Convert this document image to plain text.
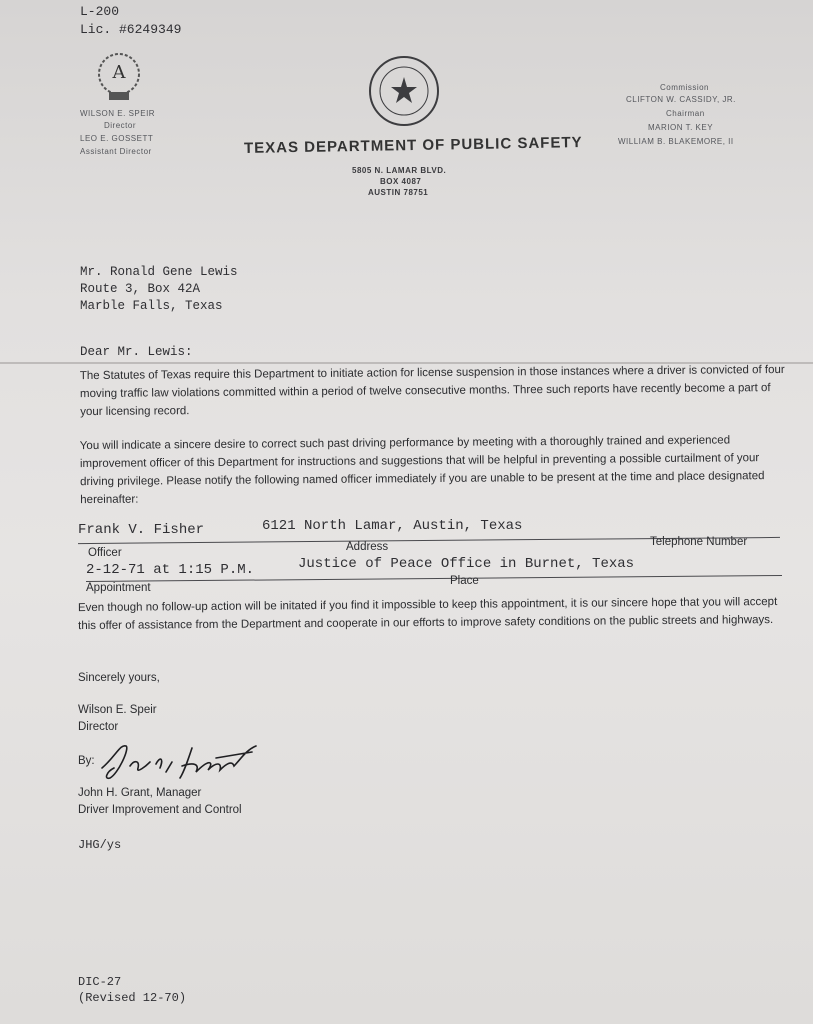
L-200
Lic. #6249349
A
WILSON E. SPEIR
Director
LEO E. GOSSETT
Assistant Director	TEXAS DEPARTMENT OF PUBLIC SAFETY
5805 N. LAMAR BLVD.
BOX 4087
AUSTIN 78751
Commission
CLIFTON W. CASSIDY, JR.
Chairman
MARION T. KEY
WILLIAM B. BLAKEMORE, II
Mr. Ronald Gene Lewis
Route 3, Box 42A
Marble Falls, Texas
Dear Mr. Lewis:
The Statutes of Texas require this Department to initiate action for license suspension in those instances where a driver is convicted of four moving traffic law violations committed within a period of twelve consecutive months. Three such reports have recently become a part of your licensing record.
You will indicate a sincere desire to correct such past driving performance by meeting with a thoroughly trained and experienced improvement officer of this Department for instructions and suggestions that will be helpful in preventing a possible curtailment of your driving privilege. Please notify the following named officer immediately if you are unable to be present at the time and place designated hereinafter:
Frank V. Fisher	6121 North Lamar, Austin, Texas
Officer	Address	Telephone Number
2-12-71 at 1:15 P.M.	Justice of Peace Office in Burnet, Texas
Appointment
Place
Even though no follow-up action will be initated if you find it impossible to keep this appointment, it is our sincere hope that you will accept this offer of assistance from the Department and cooperate in our efforts to improve safety conditions on the public streets and highways.
Sincerely yours,
Wilson E. Speir
Director
By:
John H. Grant, Manager
Driver Improvement and Control
JHG/ys
DIC-27
(Revised 12-70)
